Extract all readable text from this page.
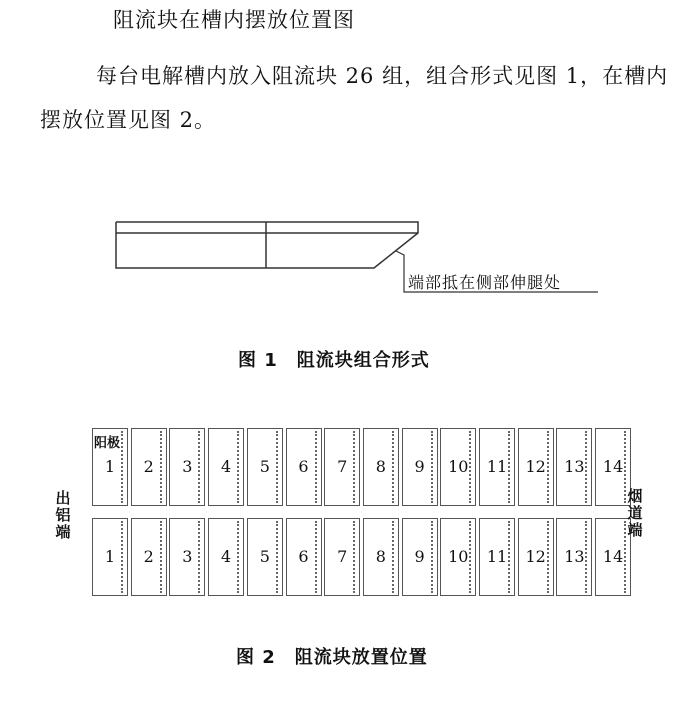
阻流块在槽内摆放位置图
每台电解槽内放入阻流块 26 组，组合形式见图 1，在槽内摆放位置见图 2。
端部抵在侧部伸腿处
图 1　阻流块组合形式
1	2	3	4	5	6	7	8	9	10	11	12	13	14
1	2	3	4	5	6	7	8	9	10	11	12	13	14
阳极
出
铝
端
烟
道
端
图 2　阻流块放置位置
